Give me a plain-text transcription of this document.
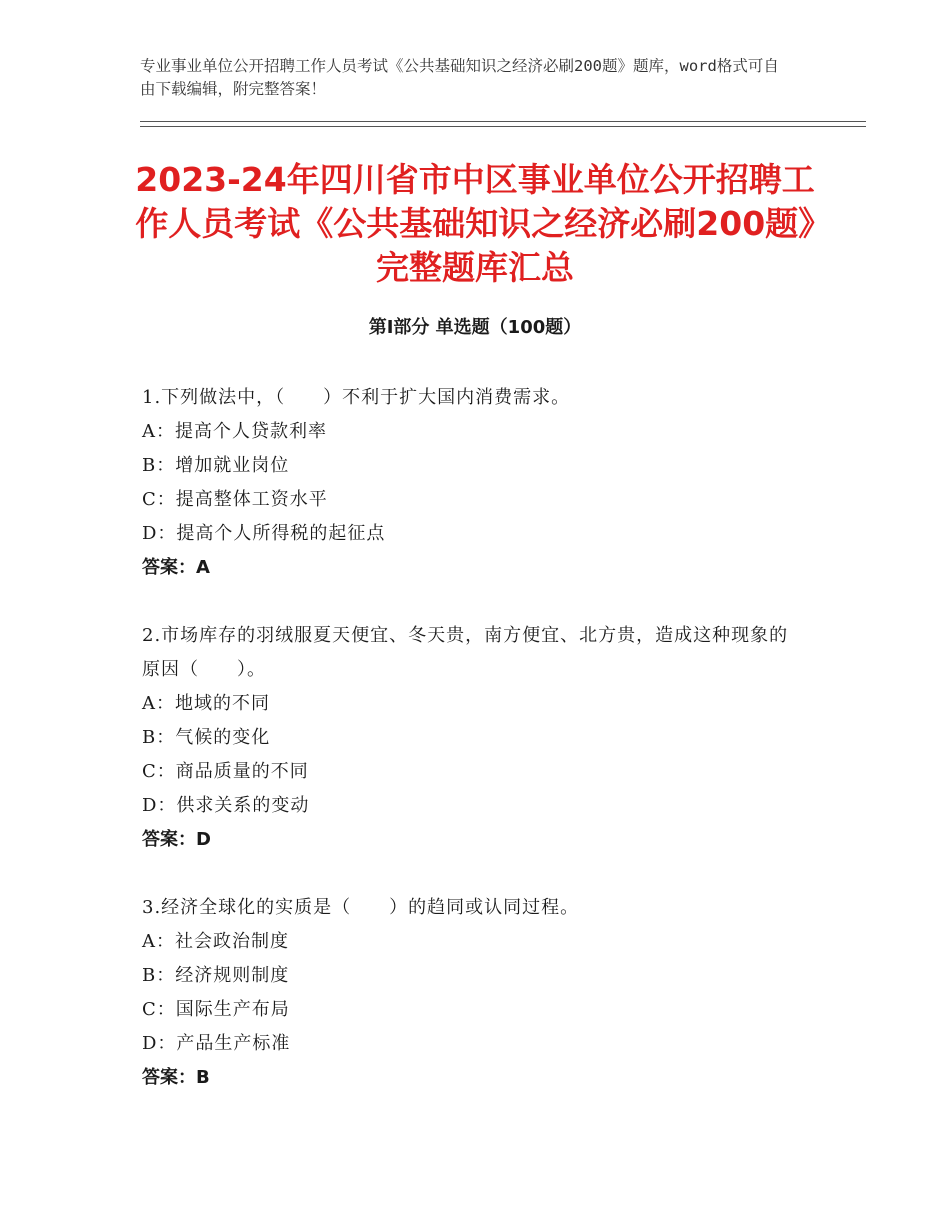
专业事业单位公开招聘工作人员考试《公共基础知识之经济必刷200题》题库，word格式可自由下载编辑，附完整答案！
2023-24年四川省市中区事业单位公开招聘工作人员考试《公共基础知识之经济必刷200题》完整题库汇总
第Ⅰ部分 单选题（100题）

1.下列做法中，（　　）不利于扩大国内消费需求。

A：提高个人贷款利率

B：增加就业岗位

C：提高整体工资水平

D：提高个人所得税的起征点

答案：A

2.市场库存的羽绒服夏天便宜、冬天贵，南方便宜、北方贵，造成这种现象的原因（　　）。

A：地域的不同

B：气候的变化

C：商品质量的不同

D：供求关系的变动

答案：D

3.经济全球化的实质是（　　）的趋同或认同过程。

A：社会政治制度

B：经济规则制度

C：国际生产布局

D：产品生产标准

答案：B
